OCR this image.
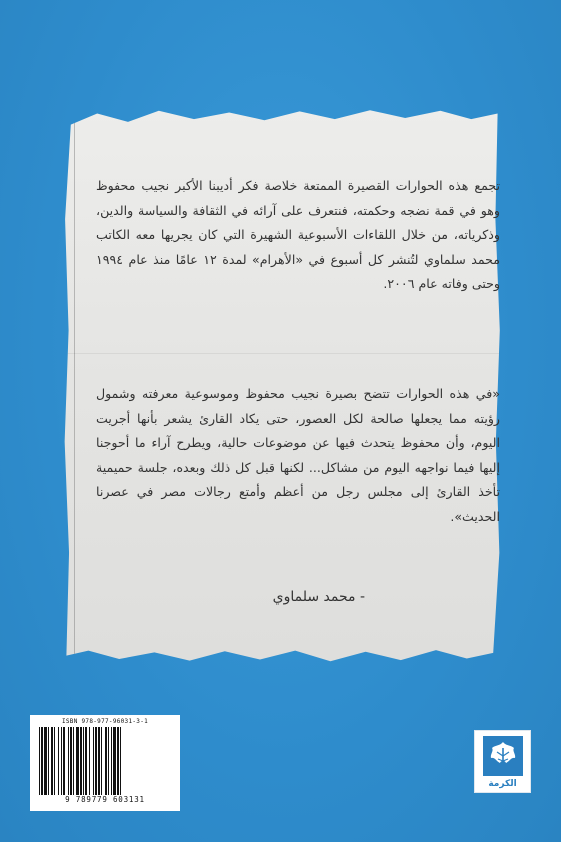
تجمع هذه الحوارات القصيرة الممتعة خلاصة فكر أديبنا الأكبر نجيب محفوظ وهو في قمة نضجه وحكمته، فنتعرف على آرائه في الثقافة والسياسة والدين، وذكرياته، من خلال اللقاءات الأسبوعية الشهيرة التي كان يجريها معه الكاتب محمد سلماوي لتُنشر كل أسبوع في «الأهرام» لمدة ١٢ عامًا منذ عام ١٩٩٤ وحتى وفاته عام ٢٠٠٦.
«في هذه الحوارات تتضح بصيرة نجيب محفوظ وموسوعية معرفته وشمول رؤيته مما يجعلها صالحة لكل العصور، حتى يكاد القارئ يشعر بأنها أجريت اليوم، وأن محفوظ يتحدث فيها عن موضوعات حالية، ويطرح آراء ما أحوجنا إليها فيما نواجهه اليوم من مشاكل... لكنها قبل كل ذلك وبعده، جلسة حميمية تأخذ القارئ إلى مجلس رجل من أعظم وأمتع رجالات مصر في عصرنا الحديث».
- محمد سلماوي
ISBN 978-977-96031-3-1
9 789779 603131
الكرمة
